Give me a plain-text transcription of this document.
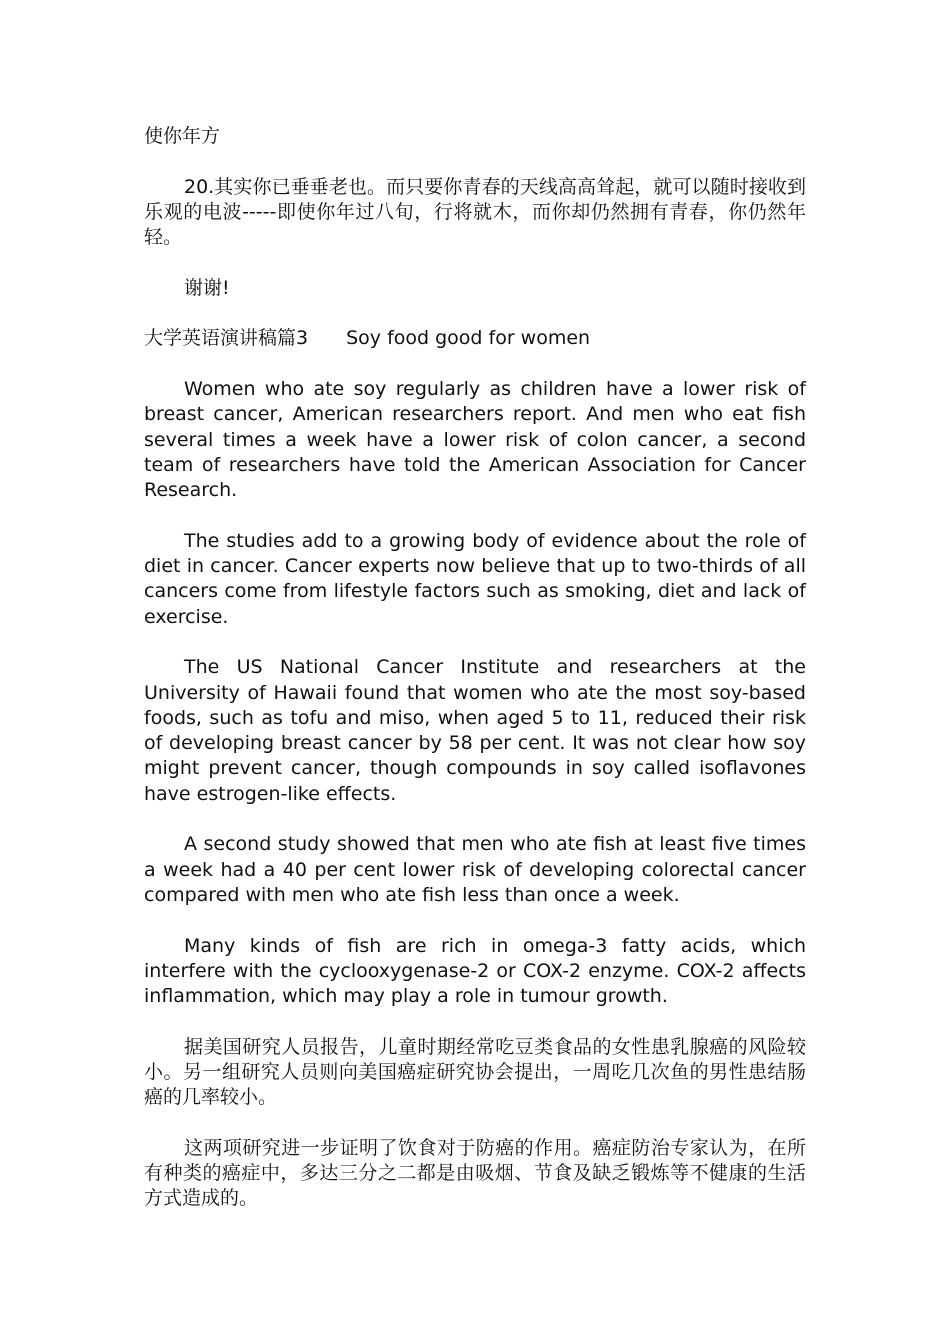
使你年方

20.其实你已垂垂老也。而只要你青春的天线高高耸起，就可以随时接收到乐观的电波-----即使你年过八旬，行将就木，而你却仍然拥有青春，你仍然年轻。

谢谢!

大学英语演讲稿篇3 Soy food good for women

Women who ate soy regularly as children have a lower risk of breast cancer, American researchers report. And men who eat fish several times a week have a lower risk of colon cancer, a second team of researchers have told the American Association for Cancer Research.

The studies add to a growing body of evidence about the role of diet in cancer. Cancer experts now believe that up to two-thirds of all cancers come from lifestyle factors such as smoking, diet and lack of exercise.

The US National Cancer Institute and researchers at the University of Hawaii found that women who ate the most soy-based foods, such as tofu and miso, when aged 5 to 11, reduced their risk of developing breast cancer by 58 per cent. It was not clear how soy might prevent cancer, though compounds in soy called isoflavones have estrogen-like effects.

A second study showed that men who ate fish at least five times a week had a 40 per cent lower risk of developing colorectal cancer compared with men who ate fish less than once a week.

Many kinds of fish are rich in omega-3 fatty acids, which interfere with the cyclooxygenase-2 or COX-2 enzyme. COX-2 affects inflammation, which may play a role in tumour growth.

据美国研究人员报告，儿童时期经常吃豆类食品的女性患乳腺癌的风险较小。另一组研究人员则向美国癌症研究协会提出，一周吃几次鱼的男性患结肠癌的几率较小。

这两项研究进一步证明了饮食对于防癌的作用。癌症防治专家认为，在所有种类的癌症中，多达三分之二都是由吸烟、节食及缺乏锻炼等不健康的生活方式造成的。
